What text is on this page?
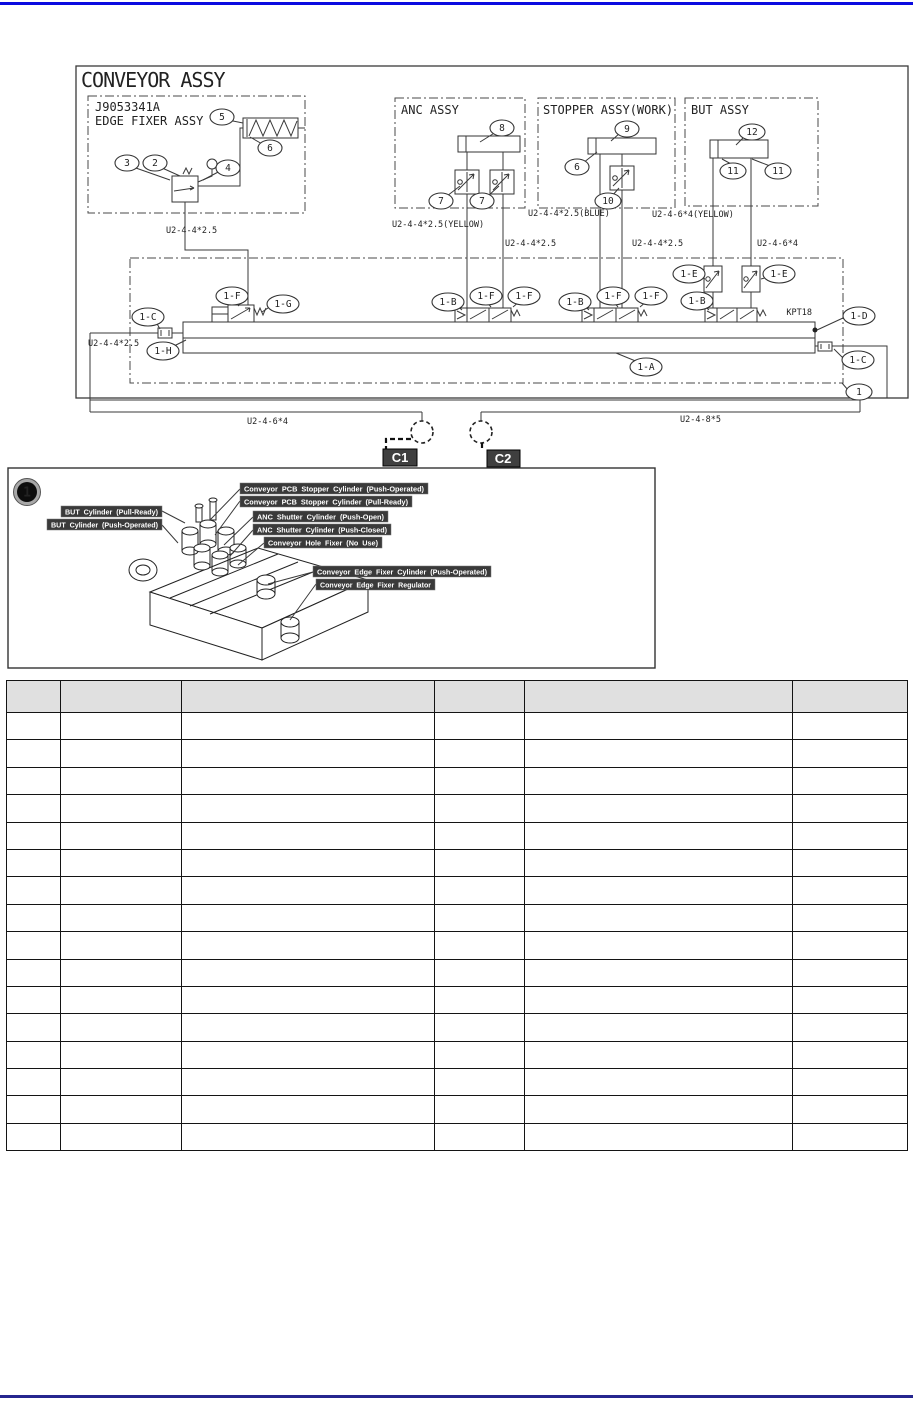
CONVEYOR ASSY
J9053341A
EDGE FIXER ASSY
U2-4-4*2.5
ANC ASSY
U2-4-4*2.5(YELLOW)
U2-4-4*2.5
STOPPER ASSY(WORK)
U2-4-4*2.5(BLUE)
U2-4-4*2.5
BUT ASSY
U2-4-6*4(YELLOW)
U2-4-6*4
U2-4-4*2.5
U2-4-6*4	U2-4-8*5
KPT18
3 2	4
5
6
8
7	7
9
6
10
12
11	11
1-C
1-F
1-G
1-H
1-B
1-F 1-F
1-B
1-F 1-F
1-E	1-E
1-B
1-D
1-C
1-A
1
C1	C2
1	Conveyor PCB Stopper Cylinder (Push-Operated)
Conveyor PCB Stopper Cylinder (Pull-Ready)
BUT Cylinder (Pull-Ready)
ANC Shutter Cylinder (Push-Open)
BUT Cylinder (Push-Operated)
ANC Shutter Cylinder (Push-Closed)
Conveyor Hole Fixer (No Use)
Conveyor Edge Fixer Cylinder (Push-Operated)
Conveyor Edge Fixer Regulator
